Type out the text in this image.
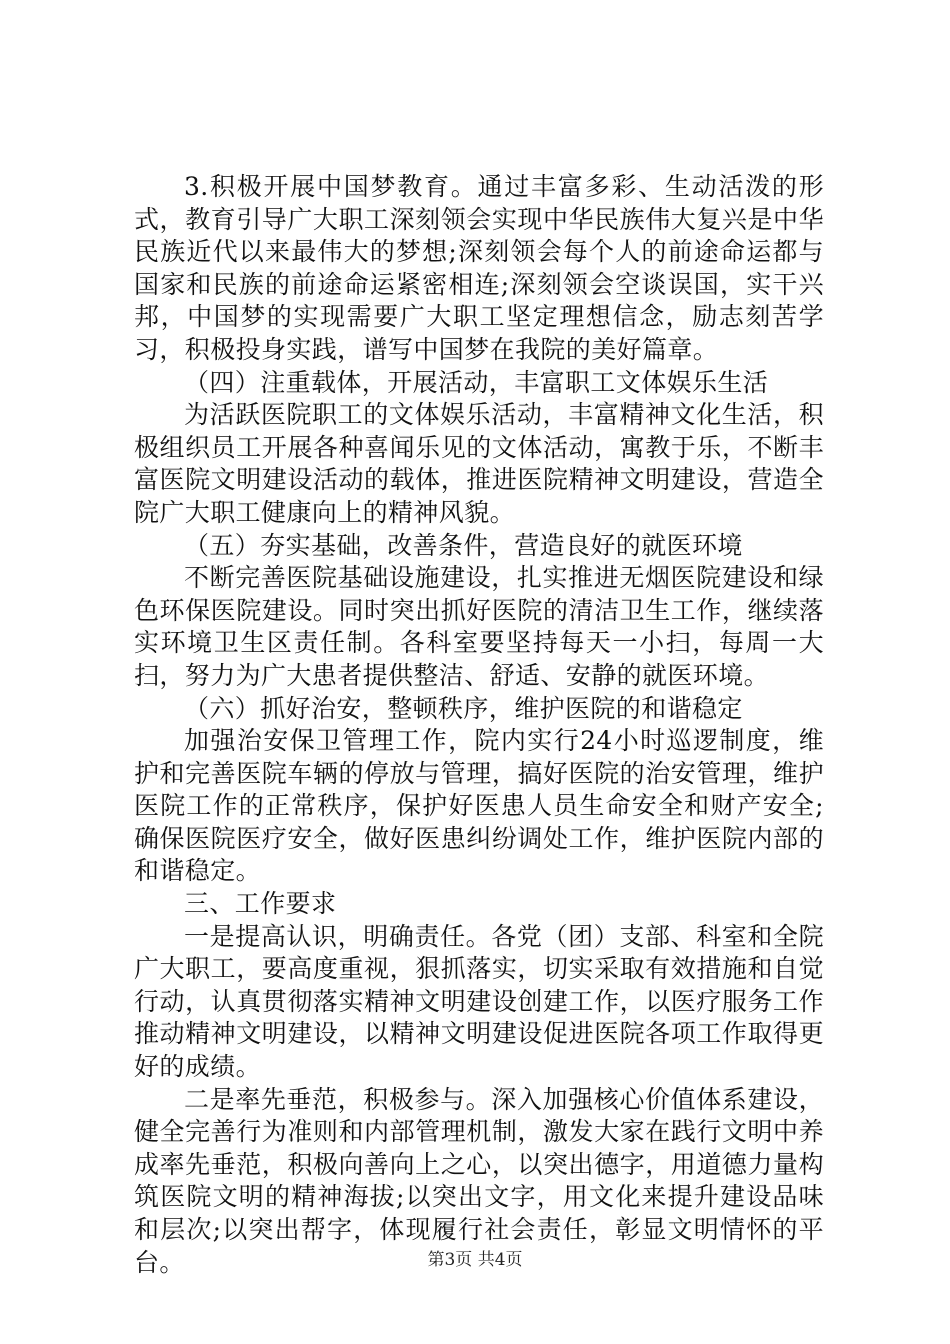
3.积极开展中国梦教育。通过丰富多彩、生动活泼的形式，教育引导广大职工深刻领会实现中华民族伟大复兴是中华民族近代以来最伟大的梦想;深刻领会每个人的前途命运都与国家和民族的前途命运紧密相连;深刻领会空谈误国，实干兴邦，中国梦的实现需要广大职工坚定理想信念，励志刻苦学习，积极投身实践，谱写中国梦在我院的美好篇章。

（四）注重载体，开展活动，丰富职工文体娱乐生活

为活跃医院职工的文体娱乐活动，丰富精神文化生活，积极组织员工开展各种喜闻乐见的文体活动，寓教于乐，不断丰富医院文明建设活动的载体，推进医院精神文明建设，营造全院广大职工健康向上的精神风貌。

（五）夯实基础，改善条件，营造良好的就医环境

不断完善医院基础设施建设，扎实推进无烟医院建设和绿色环保医院建设。同时突出抓好医院的清洁卫生工作，继续落实环境卫生区责任制。各科室要坚持每天一小扫，每周一大扫，努力为广大患者提供整洁、舒适、安静的就医环境。

（六）抓好治安，整顿秩序，维护医院的和谐稳定

加强治安保卫管理工作，院内实行24小时巡逻制度，维护和完善医院车辆的停放与管理，搞好医院的治安管理，维护医院工作的正常秩序，保护好医患人员生命安全和财产安全;确保医院医疗安全，做好医患纠纷调处工作，维护医院内部的和谐稳定。

三、工作要求

一是提高认识，明确责任。各党（团）支部、科室和全院广大职工，要高度重视，狠抓落实，切实采取有效措施和自觉行动，认真贯彻落实精神文明建设创建工作，以医疗服务工作推动精神文明建设，以精神文明建设促进医院各项工作取得更好的成绩。

二是率先垂范，积极参与。深入加强核心价值体系建设，健全完善行为准则和内部管理机制，激发大家在践行文明中养成率先垂范，积极向善向上之心，以突出德字，用道德力量构筑医院文明的精神海拔;以突出文字，用文化来提升建设品味和层次;以突出帮字，体现履行社会责任，彰显文明情怀的平台。	第3页 共4页
